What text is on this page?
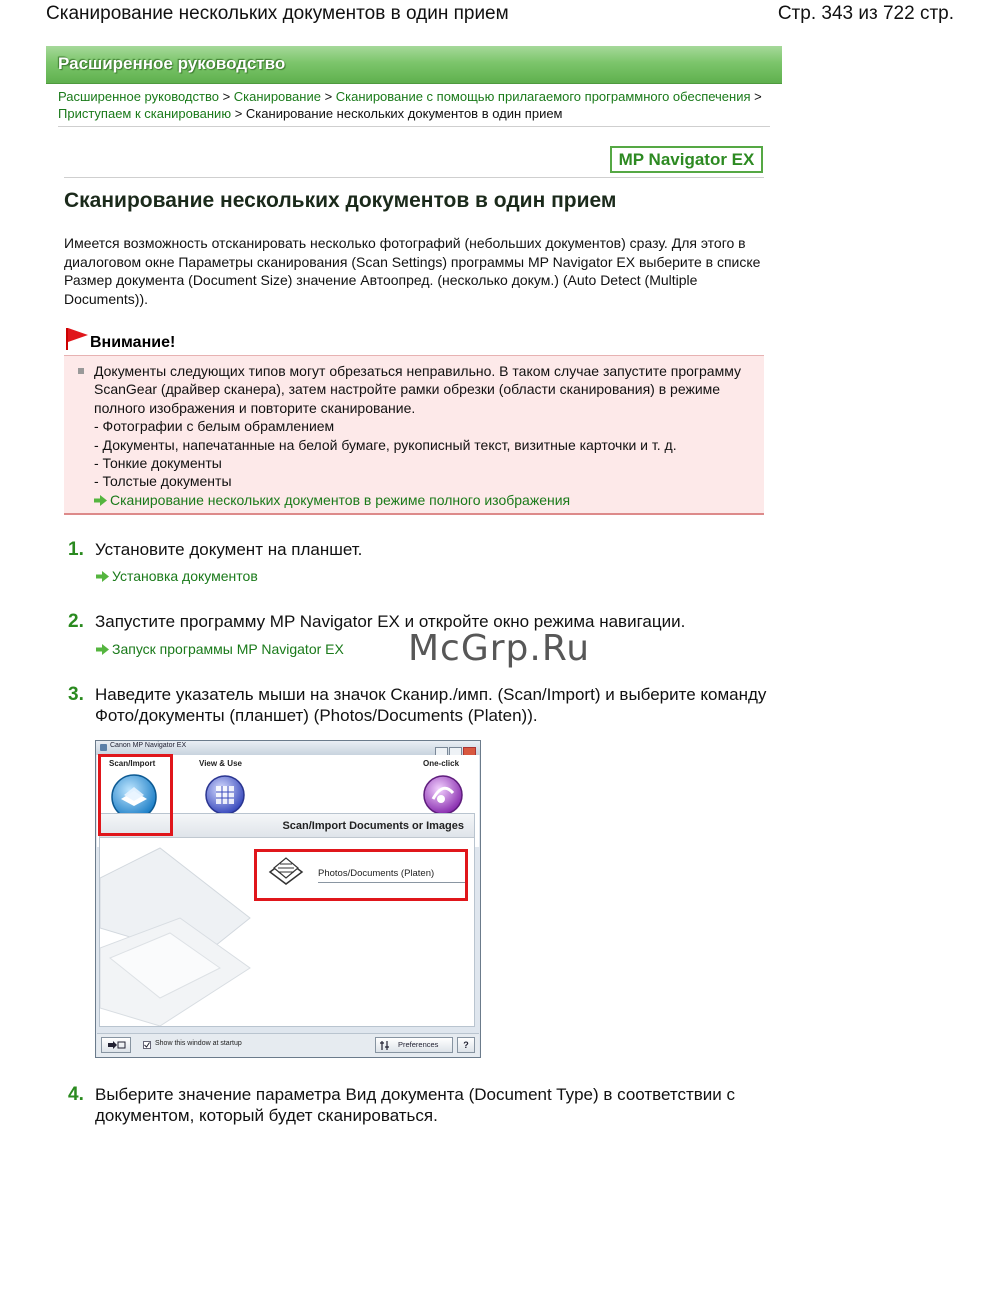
Сканирование нескольких документов в один прием	Стр. 343 из 722 стр.
Расширенное руководство
Расширенное руководство > Сканирование > Сканирование с помощью прилагаемого программного обеспечения > Приступаем к сканированию > Сканирование нескольких документов в один прием
MP Navigator EX
Сканирование нескольких документов в один прием
Имеется возможность отсканировать несколько фотографий (небольших документов) сразу. Для этого в диалоговом окне Параметры сканирования (Scan Settings) программы MP Navigator EX выберите в списке Размер документа (Document Size) значение Автоопред. (несколько докум.) (Auto Detect (Multiple Documents)).
Внимание!
Документы следующих типов могут обрезаться неправильно. В таком случае запустите программу ScanGear (драйвер сканера), затем настройте рамки обрезки (области сканирования) в режиме полного изображения и повторите сканирование.
- Фотографии с белым обрамлением
- Документы, напечатанные на белой бумаге, рукописный текст, визитные карточки и т. д.
- Тонкие документы
- Толстые документы
Сканирование нескольких документов в режиме полного изображения
1. Установите документ на планшет.
Установка документов
2. Запустите программу MP Navigator EX и откройте окно режима навигации.
Запуск программы MP Navigator EX McGrp.Ru
3. Наведите указатель мыши на значок Сканир./имп. (Scan/Import) и выберите команду Фото/документы (планшет) (Photos/Documents (Platen)).
Canon MP Navigator EX
Scan/Import	View & Use	One-click
Scan/Import Documents or Images
Photos/Documents (Platen)
Show this window at startup	Preferences	?
4. Выберите значение параметра Вид документа (Document Type) в соответствии с документом, который будет сканироваться.
